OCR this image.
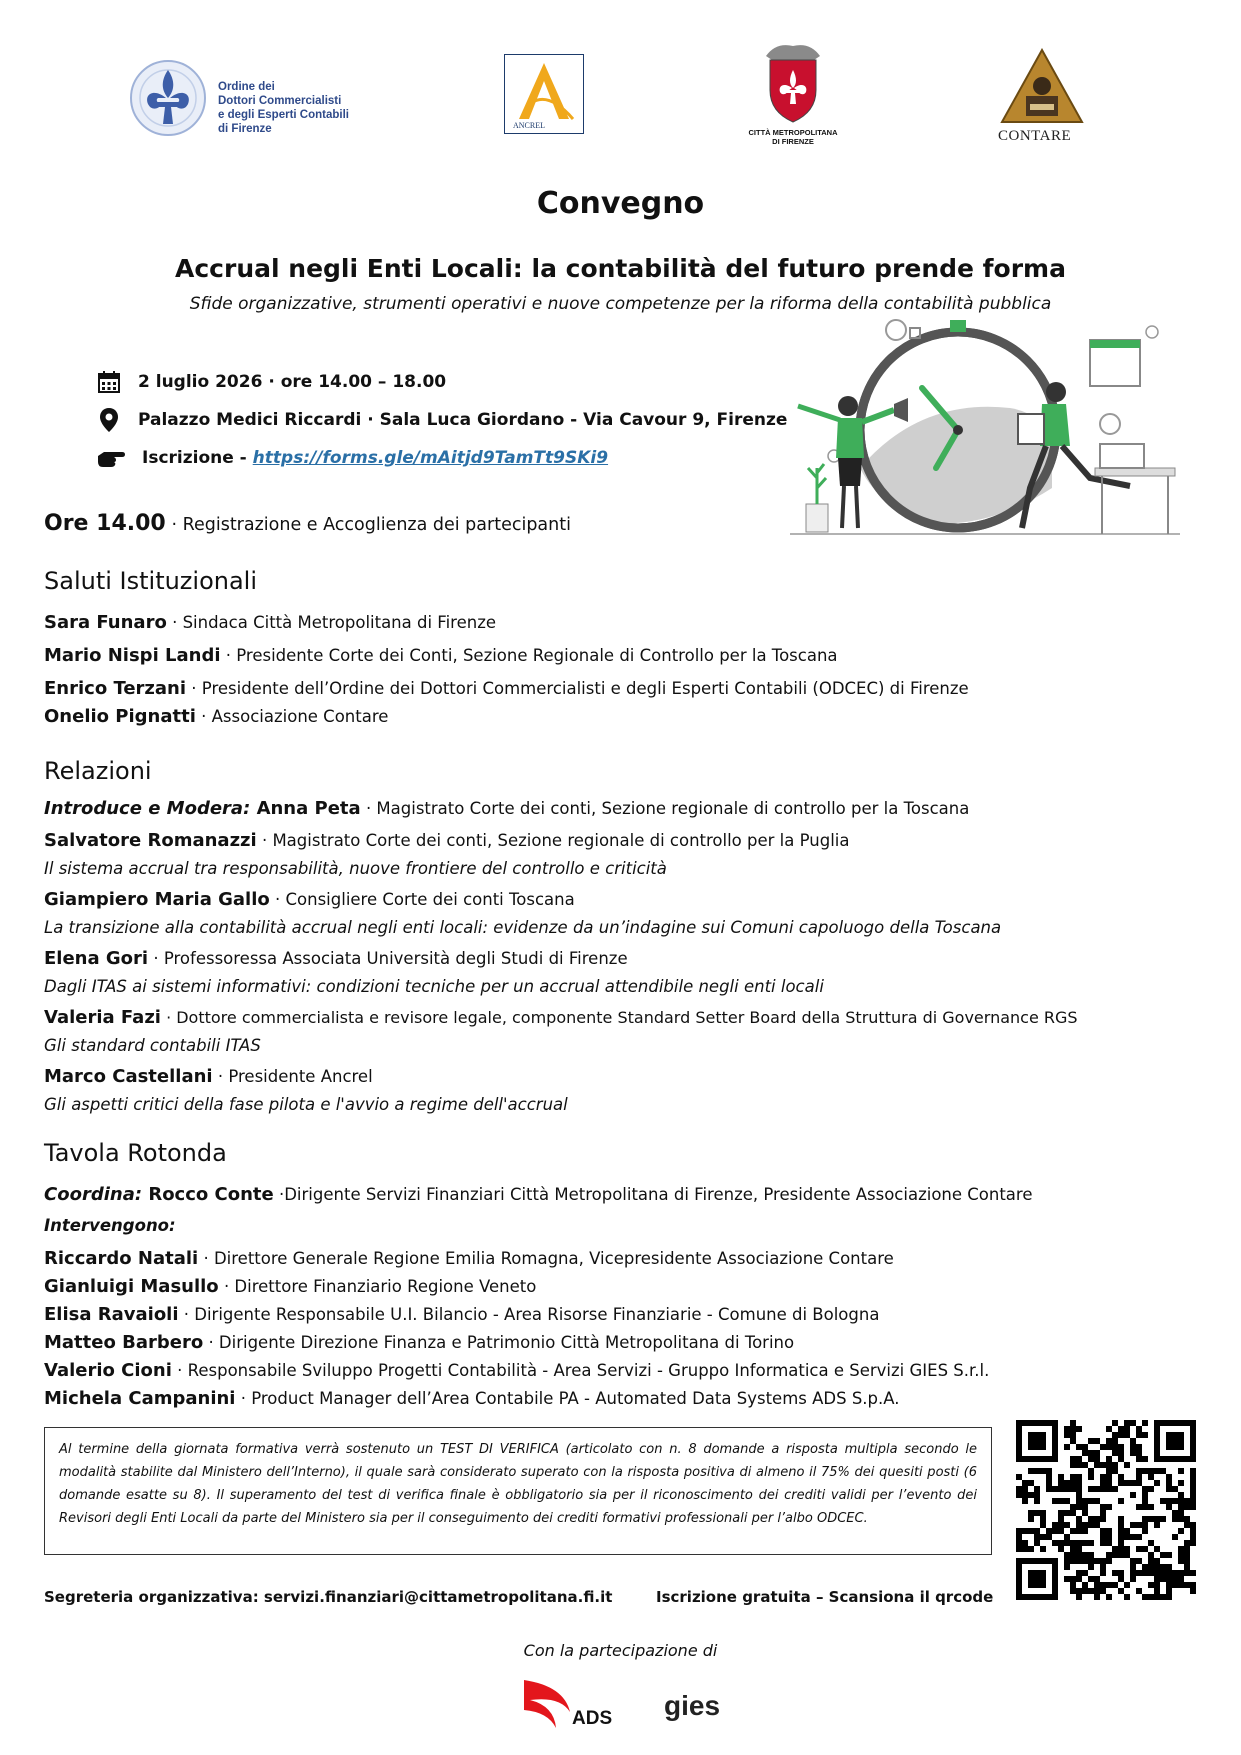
Ordine dei
Dottori Commercialisti
e degli Esperti Contabili
di Firenze	ANCREL
CITTÀ METROPOLITANA
DI FIRENZE	CONTARE
Convegno
Accrual negli Enti Locali: la contabilità del futuro prende forma
Sfide organizzative, strumenti operativi e nuove competenze per la riforma della contabilità pubblica
2 luglio 2026 · ore 14.00 – 18.00
Palazzo Medici Riccardi · Sala Luca Giordano - Via Cavour 9, Firenze
Iscrizione -
https://forms.gle/mAitjd9TamTt9SKi9
Ore 14.00 · Registrazione e Accoglienza dei partecipanti
Saluti Istituzionali
Sara Funaro · Sindaca Città Metropolitana di Firenze
Mario Nispi Landi · Presidente Corte dei Conti, Sezione Regionale di Controllo per la Toscana
Enrico Terzani · Presidente dell’Ordine dei Dottori Commercialisti e degli Esperti Contabili (ODCEC) di Firenze
Onelio Pignatti · Associazione Contare
Relazioni
Introduce e Modera: Anna Peta · Magistrato Corte dei conti, Sezione regionale di controllo per la Toscana
Salvatore Romanazzi · Magistrato Corte dei conti, Sezione regionale di controllo per la Puglia
Il sistema accrual tra responsabilità, nuove frontiere del controllo e criticità
Giampiero Maria Gallo · Consigliere Corte dei conti Toscana
La transizione alla contabilità accrual negli enti locali: evidenze da un’indagine sui Comuni capoluogo della Toscana
Elena Gori · Professoressa Associata Università degli Studi di Firenze
Dagli ITAS ai sistemi informativi: condizioni tecniche per un accrual attendibile negli enti locali
Valeria Fazi · Dottore commercialista e revisore legale, componente Standard Setter Board della Struttura di Governance RGS
Gli standard contabili ITAS
Marco Castellani · Presidente Ancrel
Gli aspetti critici della fase pilota e l'avvio a regime dell'accrual
Tavola Rotonda
Coordina: Rocco Conte ·Dirigente Servizi Finanziari Città Metropolitana di Firenze, Presidente Associazione Contare
Intervengono:
Riccardo Natali · Direttore Generale Regione Emilia Romagna, Vicepresidente Associazione Contare
Gianluigi Masullo · Direttore Finanziario Regione Veneto
Elisa Ravaioli · Dirigente Responsabile U.I. Bilancio - Area Risorse Finanziarie - Comune di Bologna
Matteo Barbero · Dirigente Direzione Finanza e Patrimonio Città Metropolitana di Torino
Valerio Cioni · Responsabile Sviluppo Progetti Contabilità - Area Servizi - Gruppo Informatica e Servizi GIES S.r.l.
Michela Campanini · Product Manager dell’Area Contabile PA - Automated Data Systems ADS S.p.A.
Al termine della giornata formativa verrà sostenuto un TEST DI VERIFICA (articolato con n. 8 domande a risposta multipla secondo le modalità stabilite dal Ministero dell’Interno), il quale sarà considerato superato con la risposta positiva di almeno il 75% dei quesiti posti (6 domande esatte su 8). Il superamento del test di verifica finale è obbligatorio sia per il riconoscimento dei crediti validi per l’evento dei Revisori degli Enti Locali da parte del Ministero sia per il conseguimento dei crediti formativi professionali per l’albo ODCEC.
Segreteria organizzativa: servizi.finanziari@cittametropolitana.fi.it	Iscrizione gratuita – Scansiona il qrcode
Con la partecipazione di
ADS gies
